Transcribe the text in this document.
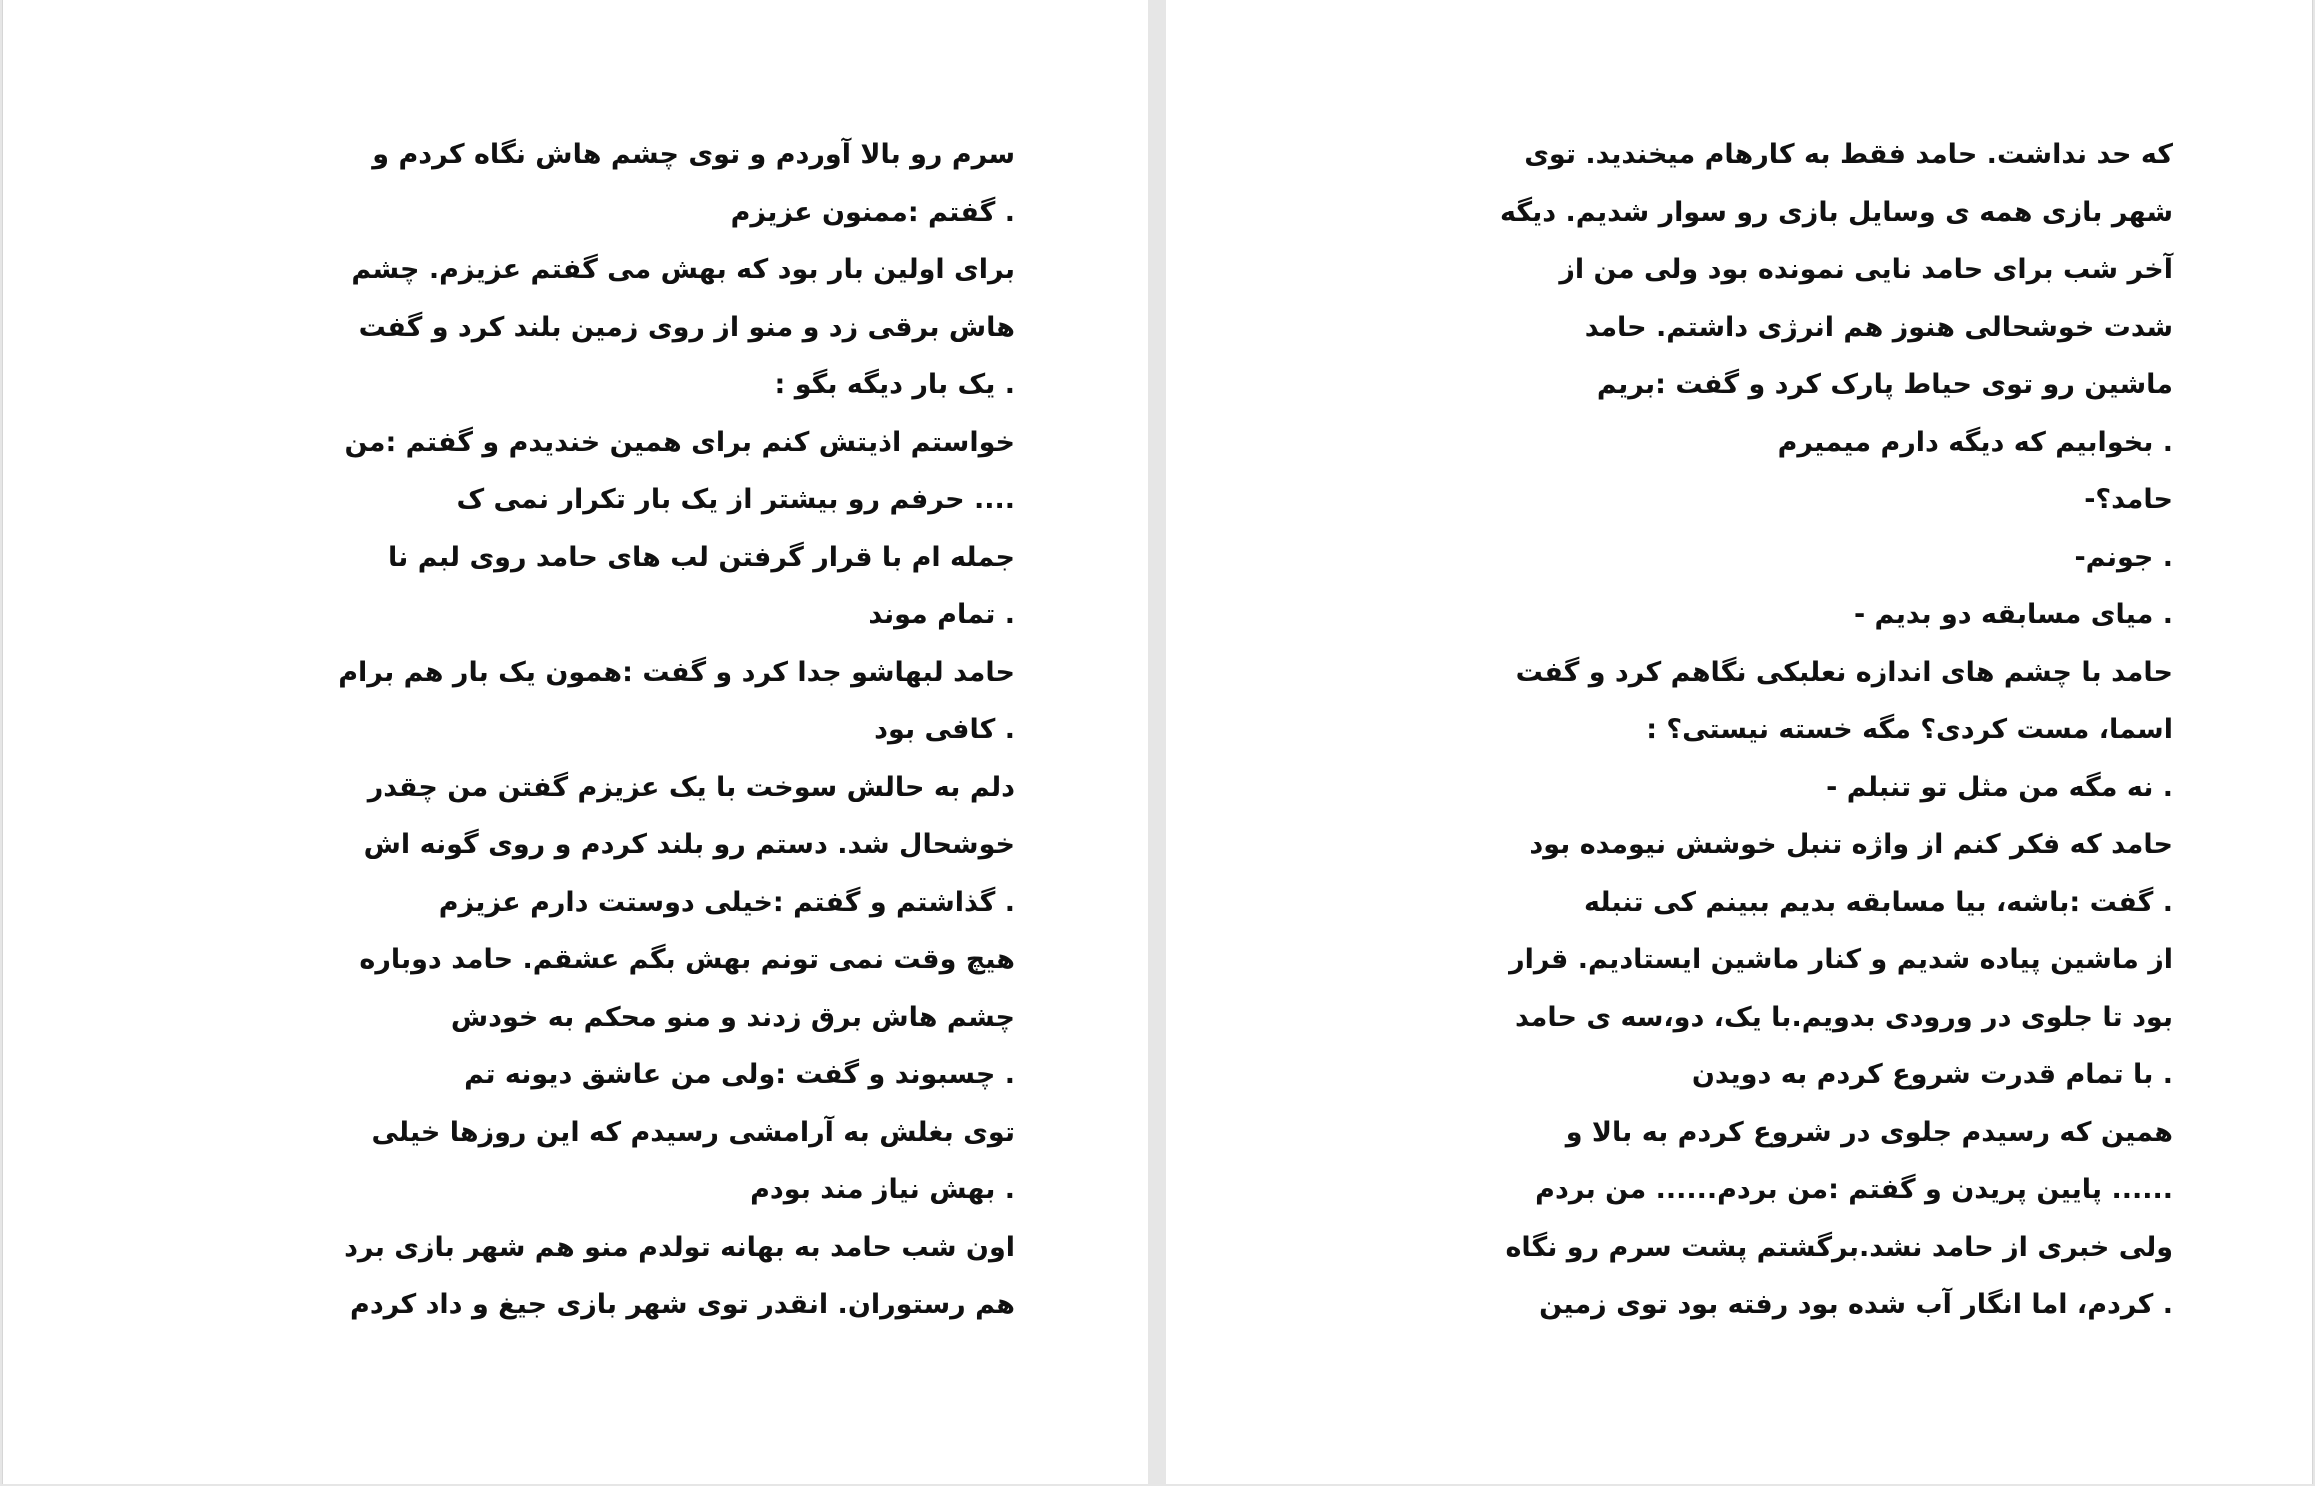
سرم رو بالا آوردم و توی چشم هاش نگاه کردم و
. گفتم :ممنون عزیزم
برای اولین بار بود که بهش می گفتم عزیزم. چشم
هاش برقی زد و منو از روی زمین بلند کرد و گفت
. یک بار دیگه بگو :
خواستم اذیتش کنم برای همین خندیدم و گفتم :من
.... حرفم رو بیشتر از یک بار تکرار نمی ک
جمله ام با قرار گرفتن لب های حامد روی لبم نا
. تمام موند
حامد لبهاشو جدا کرد و گفت :همون یک بار هم برام
. کافی بود
دلم به حالش سوخت با یک عزیزم گفتن من چقدر
خوشحال شد. دستم رو بلند کردم و روی گونه اش
. گذاشتم و گفتم :خیلی دوستت دارم عزیزم
هیچ وقت نمی تونم بهش بگم عشقم. حامد دوباره
چشم هاش برق زدند و منو محکم به خودش
. چسبوند و گفت :ولی من عاشق دیونه تم
توی بغلش به آرامشی رسیدم که این روزها خیلی
. بهش نیاز مند بودم
اون شب حامد به بهانه تولدم منو هم شهر بازی برد
هم رستوران. انقدر توی شهر بازی جیغ و داد کردم
که حد نداشت. حامد فقط به کارهام میخندید. توی
شهر بازی همه ی وسایل بازی رو سوار شدیم. دیگه
آخر شب برای حامد نایی نمونده بود ولی من از
شدت خوشحالی هنوز هم انرژی داشتم. حامد
ماشین رو توی حیاط پارک کرد و گفت :بریم
. بخوابیم که دیگه دارم میمیرم
حامد؟-
. جونم-
. میای مسابقه دو بدیم -
حامد با چشم های اندازه نعلبکی نگاهم کرد و گفت
اسما، مست کردی؟ مگه خسته نیستی؟ :
. نه مگه من مثل تو تنبلم -
حامد که فکر کنم از واژه تنبل خوشش نیومده بود
. گفت :باشه، بیا مسابقه بدیم ببینم کی تنبله
از ماشین پیاده شدیم و کنار ماشین ایستادیم. قرار
بود تا جلوی در ورودی بدویم.با یک، دو،سه ی حامد
. با تمام قدرت شروع کردم به دویدن
همین که رسیدم جلوی در شروع کردم به بالا و
...... پایین پریدن و گفتم :من بردم...... من بردم
ولی خبری از حامد نشد.برگشتم پشت سرم رو نگاه
. کردم، اما انگار آب شده بود رفته بود توی زمین
